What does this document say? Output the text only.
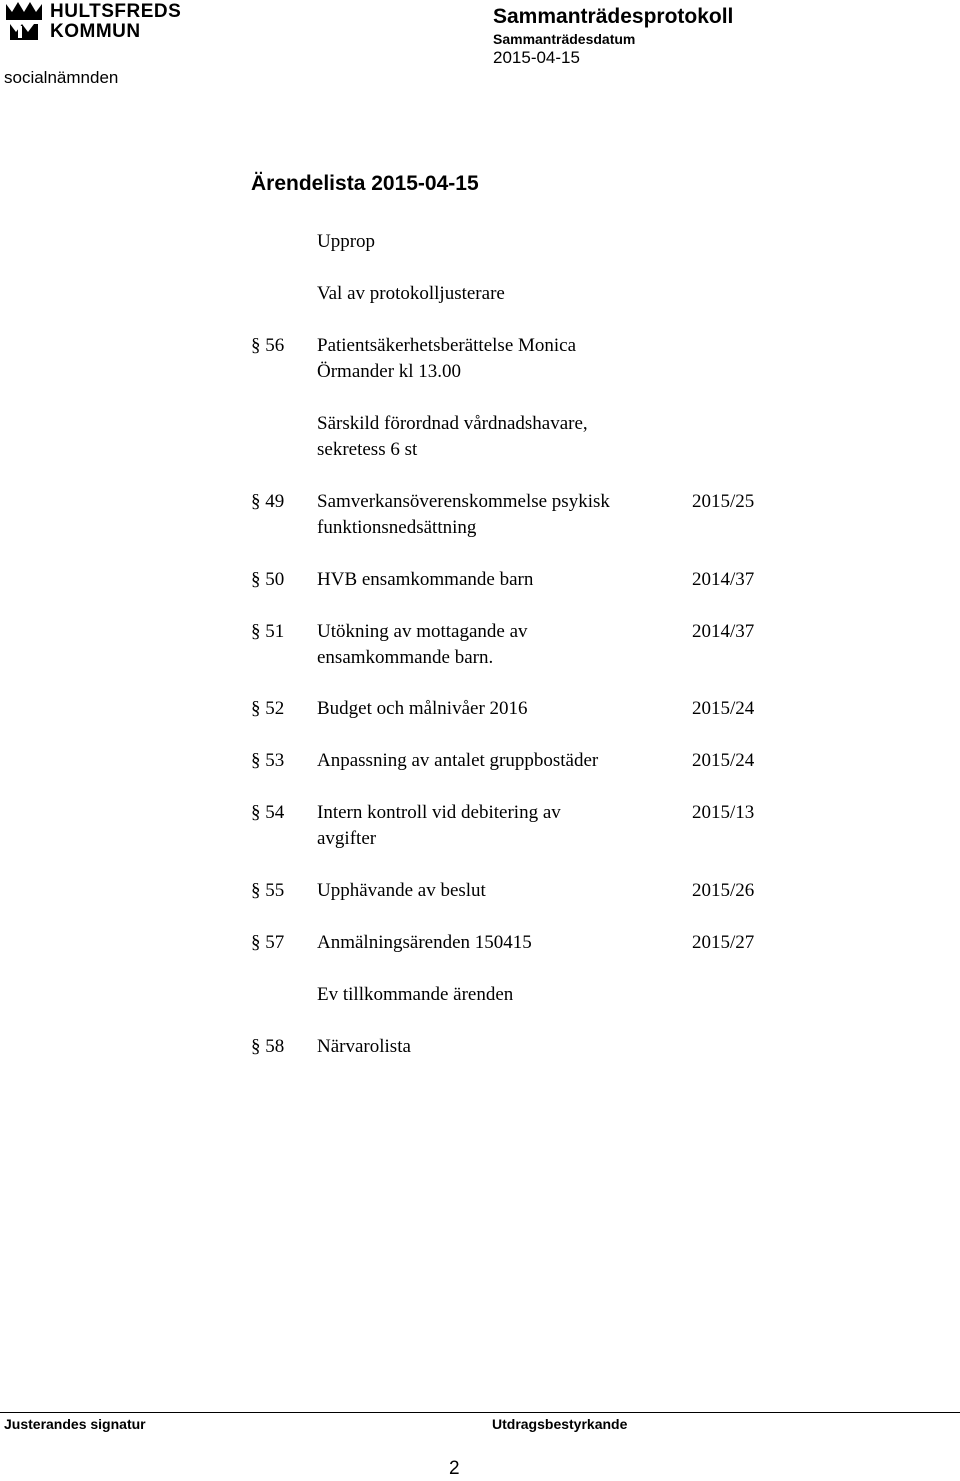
HULTSFREDS
KOMMUN
socialnämnden
Sammanträdesprotokoll
Sammanträdesdatum
2015-04-15
Ärendelista 2015-04-15
Upprop
Val av protokolljusterare
§ 56 Patientsäkerhetsberättelse Monica
Örmander kl 13.00
Särskild förordnad vårdnadshavare,
sekretess 6 st
§ 49 Samverkansöverenskommelse psykisk
funktionsnedsättning
2015/25
§ 50 HVB ensamkommande barn	2014/37
§ 51 Utökning av mottagande av
ensamkommande barn.
2014/37
§ 52 Budget och målnivåer 2016	2015/24
§ 53 Anpassning av antalet gruppbostäder	2015/24
§ 54 Intern kontroll vid debitering av
avgifter
2015/13
§ 55 Upphävande av beslut	2015/26
§ 57 Anmälningsärenden 150415	2015/27
Ev tillkommande ärenden
§ 58 Närvarolista
Justerandes signatur	Utdragsbestyrkande
2
